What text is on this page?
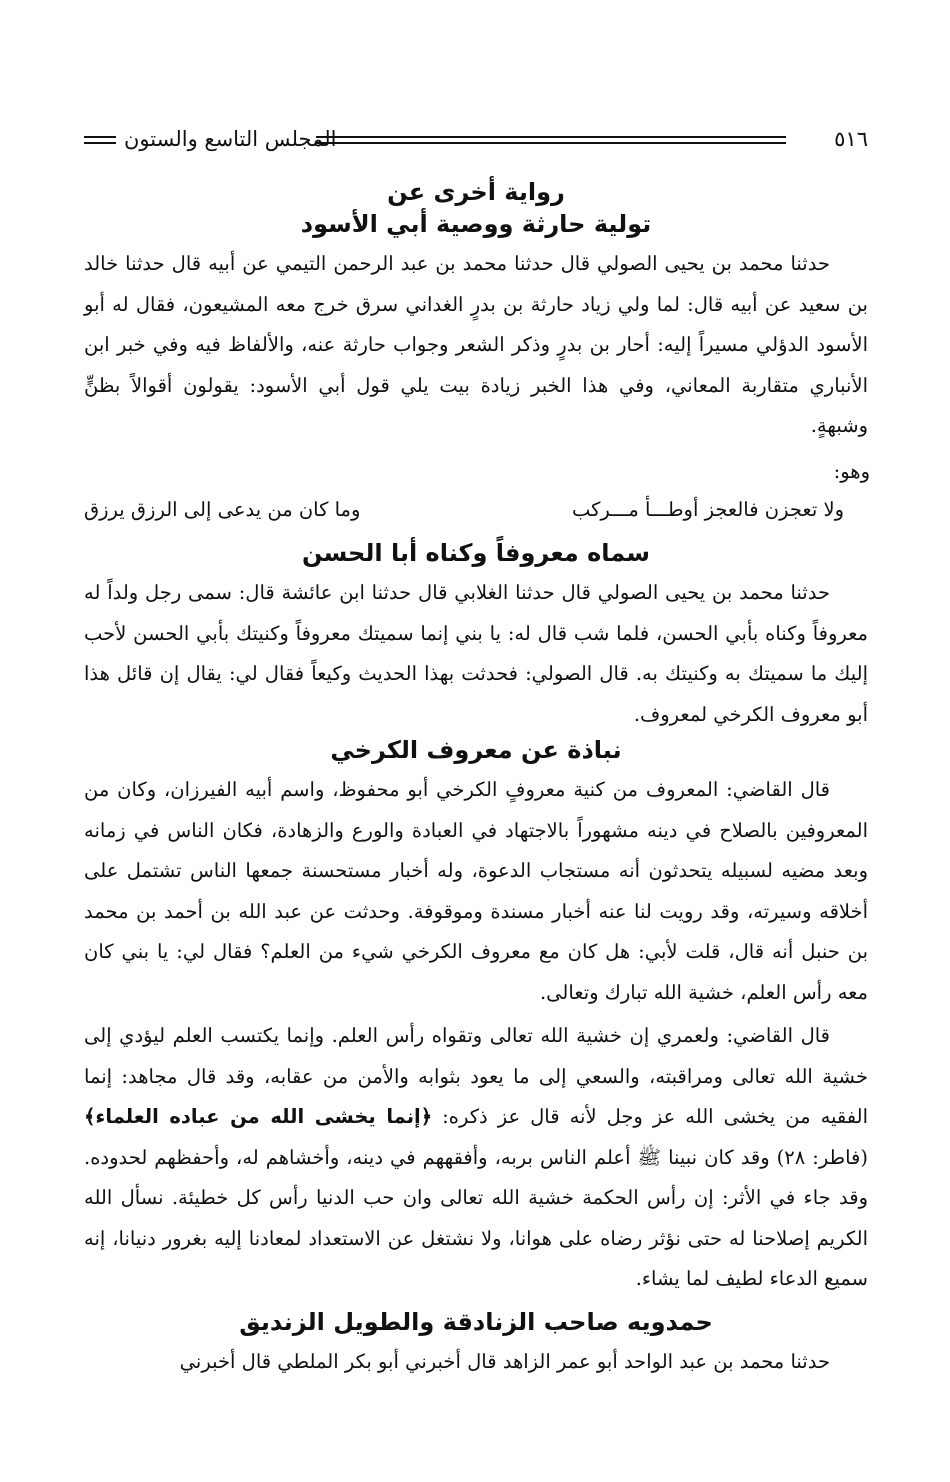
٥١٦
المجلس التاسع والستون
رواية أخرى عن
تولية حارثة ووصية أبي الأسود
حدثنا محمد بن يحيى الصولي قال حدثنا محمد بن عبد الرحمن التيمي عن أبيه قال حدثنا خالد بن سعيد عن أبيه قال: لما ولي زياد حارثة بن بدرٍ الغداني سرق خرج معه المشيعون، فقال له أبو الأسود الدؤلي مسيراً إليه: أحار بن بدرٍ وذكر الشعر وجواب حارثة عنه، والألفاظ فيه وفي خبر ابن الأنباري متقاربة المعاني، وفي هذا الخبر زيادة بيت يلي قول أبي الأسود: يقولون أقوالاً بظنٍّ وشبهةٍ.
وهو:
ولا تعجزن فالعجز أوطـــأ مـــركب
وما كان من يدعى إلى الرزق يرزق
سماه معروفاً وكناه أبا الحسن
حدثنا محمد بن يحيى الصولي قال حدثنا الغلابي قال حدثنا ابن عائشة قال: سمى رجل ولداً له معروفاً وكناه بأبي الحسن، فلما شب قال له: يا بني إنما سميتك معروفاً وكنيتك بأبي الحسن لأحب إليك ما سميتك به وكنيتك به. قال الصولي: فحدثت بهذا الحديث وكيعاً فقال لي: يقال إن قائل هذا أبو معروف الكرخي لمعروف.
نباذة عن معروف الكرخي
قال القاضي: المعروف من كنية معروفٍ الكرخي أبو محفوظ، واسم أبيه الفيرزان، وكان من المعروفين بالصلاح في دينه مشهوراً بالاجتهاد في العبادة والورع والزهادة، فكان الناس في زمانه وبعد مضيه لسبيله يتحدثون أنه مستجاب الدعوة، وله أخبار مستحسنة جمعها الناس تشتمل على أخلاقه وسيرته، وقد رويت لنا عنه أخبار مسندة وموقوفة. وحدثت عن عبد الله بن أحمد بن محمد بن حنبل أنه قال، قلت لأبي: هل كان مع معروف الكرخي شيء من العلم؟ فقال لي: يا بني كان معه رأس العلم، خشية الله تبارك وتعالى.
قال القاضي: ولعمري إن خشية الله تعالى وتقواه رأس العلم. وإنما يكتسب العلم ليؤدي إلى خشية الله تعالى ومراقبته، والسعي إلى ما يعود بثوابه والأمن من عقابه، وقد قال مجاهد: إنما الفقيه من يخشى الله عز وجل لأنه قال عز ذكره: ﴿إنما يخشى الله من عباده العلماء﴾ (فاطر: ٢٨) وقد كان نبينا ﷺ أعلم الناس بربه، وأفقههم في دينه، وأخشاهم له، وأحفظهم لحدوده. وقد جاء في الأثر: إن رأس الحكمة خشية الله تعالى وان حب الدنيا رأس كل خطيئة. نسأل الله الكريم إصلاحنا له حتى نؤثر رضاه على هوانا، ولا نشتغل عن الاستعداد لمعادنا إليه بغرور دنيانا، إنه سميع الدعاء لطيف لما يشاء.
حمدويه صاحب الزنادقة والطويل الزنديق
حدثنا محمد بن عبد الواحد أبو عمر الزاهد قال أخبرني أبو بكر الملطي قال أخبرني
